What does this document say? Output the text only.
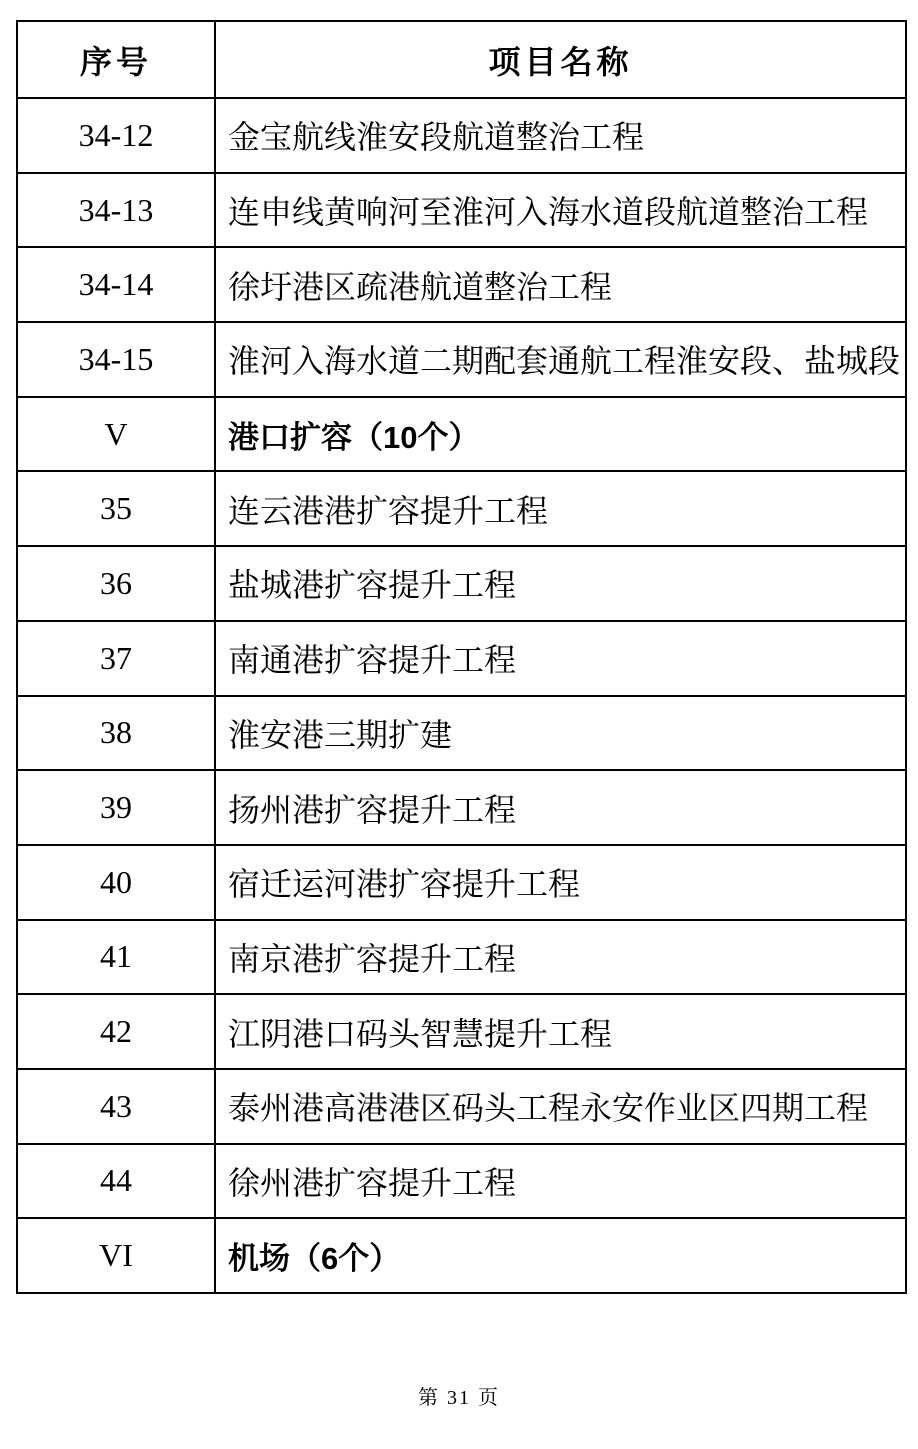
序号	项目名称
34-12	金宝航线淮安段航道整治工程
34-13	连申线黄响河至淮河入海水道段航道整治工程
34-14	徐圩港区疏港航道整治工程
34-15	淮河入海水道二期配套通航工程淮安段、盐城段
V	港口扩容（10个）
35	连云港港扩容提升工程
36	盐城港扩容提升工程
37	南通港扩容提升工程
38	淮安港三期扩建
39	扬州港扩容提升工程
40	宿迁运河港扩容提升工程
41	南京港扩容提升工程
42	江阴港口码头智慧提升工程
43	泰州港高港港区码头工程永安作业区四期工程
44	徐州港扩容提升工程
VI	机场（6个）
第 31 页
